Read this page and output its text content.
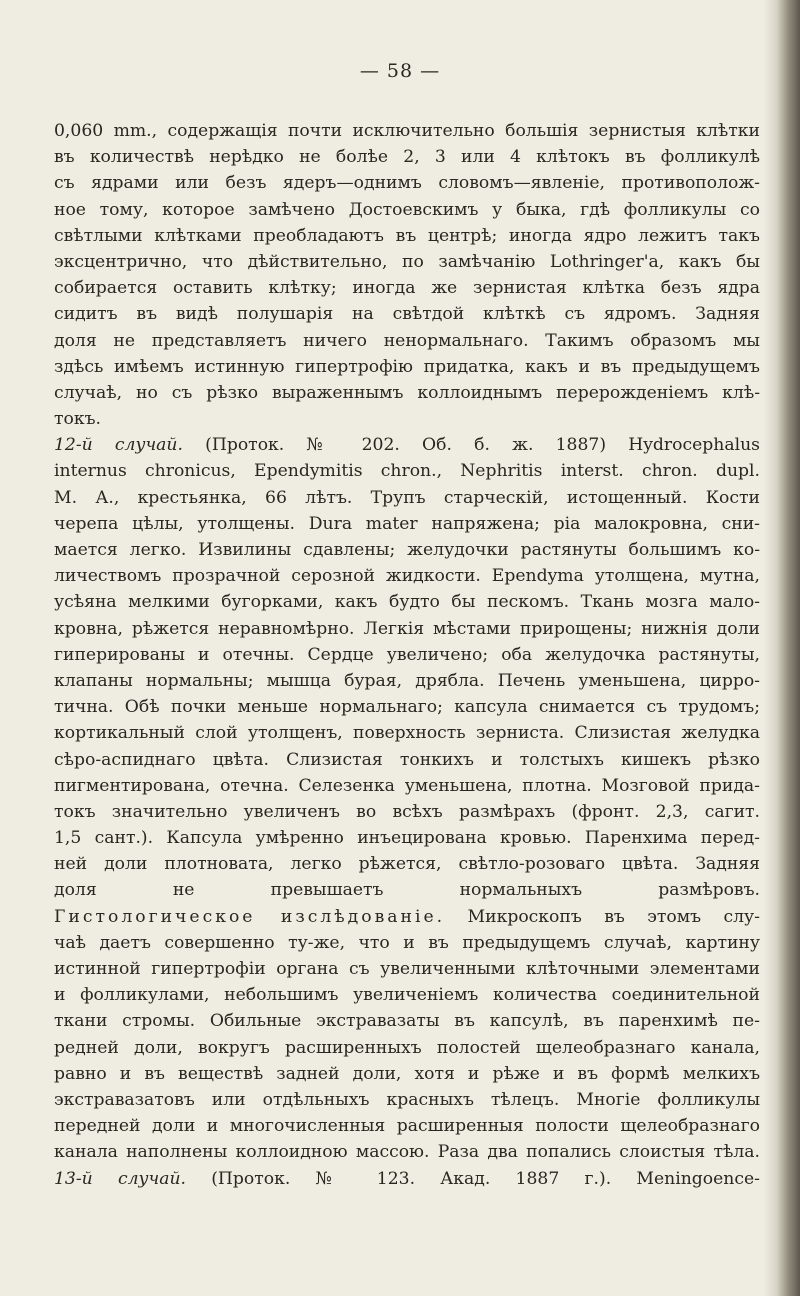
— 58 —
0,060 mm., содержащія почти исключительно большія зернистыя клѣтки
въ количествѣ нерѣдко не болѣе 2, 3 или 4 клѣтокъ въ фолликулѣ
съ ядрами или безъ ядеръ—однимъ словомъ—явленіе, противополож-
ное тому, которое замѣчено Достоевскимъ у быка, гдѣ фолликулы со
свѣтлыми клѣтками преобладаютъ въ центрѣ; иногда ядро лежитъ такъ
эксцентрично, что дѣйствительно, по замѣчанію Lothringer'а, какъ бы
собирается оставить клѣтку; иногда же зернистая клѣтка безъ ядра
сидитъ въ видѣ полушарія на свѣтдой клѣткѣ съ ядромъ. Задняя
доля не представляетъ ничего ненормальнаго. Такимъ образомъ мы
здѣсь имѣемъ истинную гипертрофію придатка, какъ и въ предыдущемъ
случаѣ, но съ рѣзко выраженнымъ коллоиднымъ перерожденіемъ клѣ-
токъ.
12-й случай. (Проток. № 202. Об. б. ж. 1887) Hydrocephalus
internus chronicus, Ependymitis chron., Nephritis interst. chron. dupl.
М. А., крестьянка, 66 лѣтъ. Трупъ старческій, истощенный. Кости
черепа цѣлы, утолщены. Dura mater напряжена; pia малокровна, сни-
мается легко. Извилины сдавлены; желудочки растянуты большимъ ко-
личествомъ прозрачной серозной жидкости. Ependyma утолщена, мутна,
усѣяна мелкими бугорками, какъ будто бы пескомъ. Ткань мозга мало-
кровна, рѣжется неравномѣрно. Легкія мѣстами прирощены; нижнія доли
гиперированы и отечны. Сердце увеличено; оба желудочка растянуты,
клапаны нормальны; мышца бурая, дрябла. Печень уменьшена, цирро-
тична. Обѣ почки меньше нормальнаго; капсула снимается съ трудомъ;
кортикальный слой утолщенъ, поверхность зерниста. Слизистая желудка
сѣро-аспиднаго цвѣта. Слизистая тонкихъ и толстыхъ кишекъ рѣзко
пигментирована, отечна. Селезенка уменьшена, плотна. Мозговой прида-
токъ значительно увеличенъ во всѣхъ размѣрахъ (фронт. 2,3, сагит.
1,5 сант.). Капсула умѣренно инъецирована кровью. Паренхима перед-
ней доли плотновата, легко рѣжется, свѣтло-розоваго цвѣта. Задняя
доля не превышаетъ нормальныхъ размѣровъ.
Гистологическое изслѣдованіе. Микроскопъ въ этомъ слу-
чаѣ даетъ совершенно ту-же, что и въ предыдущемъ случаѣ, картину
истинной гипертрофіи органа съ увеличенными клѣточными элементами
и фолликулами, небольшимъ увеличеніемъ количества соединительной
ткани стромы. Обильные экстравазаты въ капсулѣ, въ паренхимѣ пе-
редней доли, вокругъ расширенныхъ полостей щелеобразнаго канала,
равно и въ веществѣ задней доли, хотя и рѣже и въ формѣ мелкихъ
экстравазатовъ или отдѣльныхъ красныхъ тѣлецъ. Многіе фолликулы
передней доли и многочисленныя расширенныя полости щелеобразнаго
канала наполнены коллоидною массою. Раза два попались слоистыя тѣла.
13-й случай. (Проток. № 123. Акад. 1887 г.). Meningoence-
